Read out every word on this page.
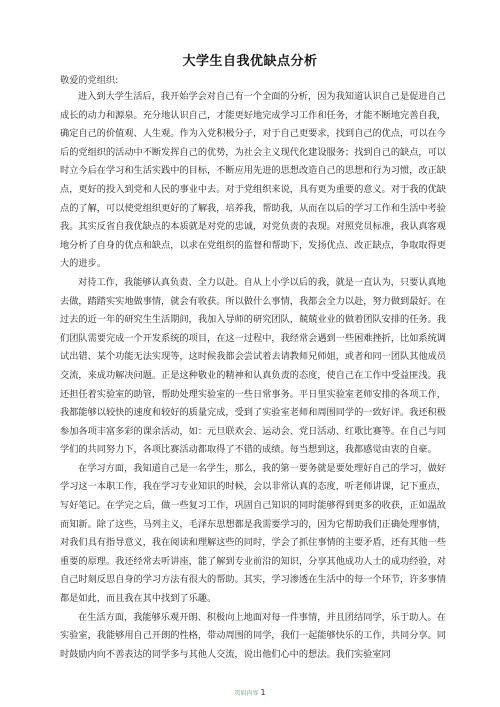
大学生自我优缺点分析
敬爱的党组织:

进入到大学生活后，我开始学会对自己有一个全面的分析，因为我知道认识自己是促进自己成长的动力和源泉。充分地认识自己，才能更好地完成学习工作和任务，才能不断地完善自我，确定自己的价值观、人生观。作为入党积极分子，对于自己更要求，找到自己的优点，可以在今后的党组织的活动中不断发挥自己的优势，为社会主义现代化建设服务；找到自己的缺点，可以时立今后在学习和生活实践中的目标，不断应用先进的思想改造自己的思想和行为习惯，改正缺点，更好的投入到党和人民的事业中去。对于党组织来说，具有更为重要的意义。对于我的优缺点的了解，可以使党组织更好的了解我，培养我，帮助我，从而在以后的学习工作和生活中考验我。其实反省自我优缺点的本质就是对党的忠诚，对党负责的表现。对照党员标准，我认真客观地分析了自身的优点和缺点，以求在党组织的监督和帮助下，发扬优点、改正缺点，争取取得更大的进步。

对待工作，我能够认真负责、全力以赴。自从上小学以后的我，就是一直认为，只要认真地去做，踏踏实实地做事情，就会有收获。所以做什么事情，我都会全力以赴，努力做到最好。在过去的近一年的研究生生活期间，我加入导师的研究团队，兢兢业业的做着团队安排的任务。我们团队需要完成一个开发系统的项目，在这一过程中，我经常会遇到一些困难挫折，比如系统调试出错、某个功能无法实现等，这时候我都会尝试着去请教师兄师姐，或者和同一团队其他成员交流，来成功解决问题。正是这种敬业的精神和认真负责的态度，使自己在工作中受益匪浅。我还担任着实验室的助管，帮助处理实验室的一些日常事务。平日里实验室老师安排的各项工作，我都能够以较快的速度和较好的质量完成，受到了实验室老师和周围同学的一致好评。我还积极参加各项丰富多彩的课余活动，如：元旦联欢会、运动会、党日活动、红歌比赛等。在自己与同学们的共同努力下，各项比赛活动都取得了不错的成绩。每当想到这，我都感觉由衷的自豪。

在学习方面，我知道自己是一名学生，那么，我的第一要务就是要处理好自己的学习，做好学习这一本职工作，我在学习专业知识的时候，会以非常认真的态度，听老师讲课，记下重点，写好笔记。在学完之后，做一些复习工作，巩固自己知识的同时能够得到更多的收获，正如温故而知新。除了这些，马列主义，毛泽东思想都是我需要学习的，因为它帮助我们正确处理事情，对我们具有指导意义，我在阅读和理解这些的同时，学会了抓住事情的主要矛盾，还有其他一些重要的原理。我还经常去听讲座，能了解到专业前沿的知识，分享其他成功人士的成功经验，对自己时刻反思自身的学习方法有很大的帮助。其实，学习渗透在生活中的每一个环节，许多事情都是如此，而且我在其中找到了乐趣。

在生活方面，我能够乐观开朗、积极向上地面对每一件事情，并且团结同学，乐于助人。在实验室，我能够用自己开朗的性格，带动周围的同学，我们一起能够快乐的工作，共同分享。同时鼓励内向不善表达的同学多与其他人交流，说出他们心中的想法。我们实验室同

页眉内容 1
